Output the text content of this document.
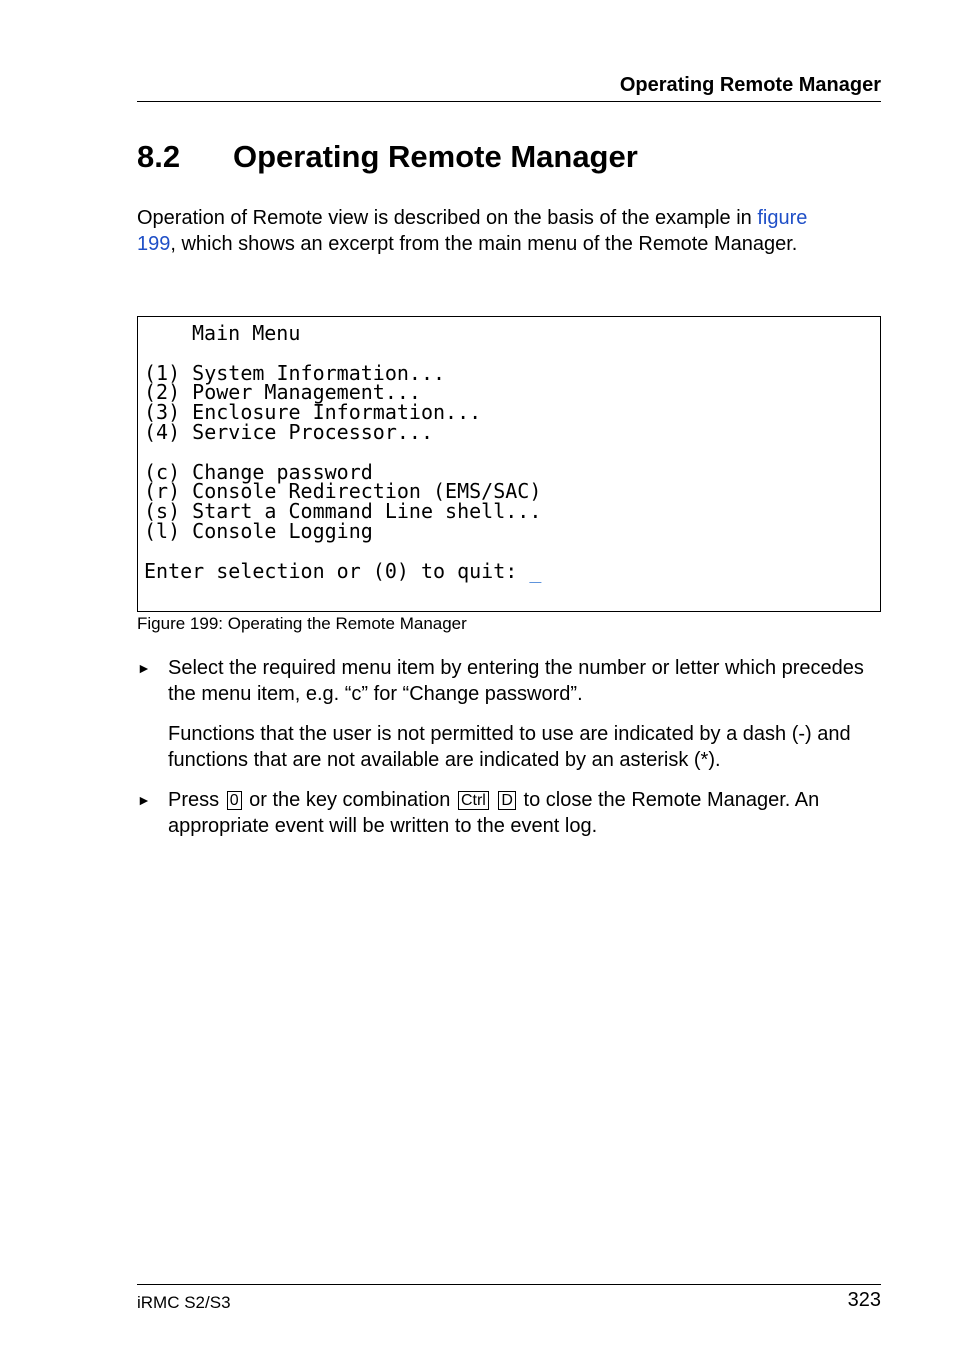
Operating Remote Manager
8.2 Operating Remote Manager

Operation of Remote view is described on the basis of the example in figure 199, which shows an excerpt from the main menu of the Remote Manager.

Main Menu
(1) System Information...
(2) Power Management...
(3) Enclosure Information...
(4) Service Processor...
(c) Change password
(r) Console Redirection (EMS/SAC)
(s) Start a Command Line shell...
(l) Console Logging
Enter selection or (0) to quit: _
Figure 199: Operating the Remote Manager
► Select the required menu item by entering the number or letter which precedes the menu item, e.g. “c” for “Change password”.
Functions that the user is not permitted to use are indicated by a dash (-) and functions that are not available are indicated by an asterisk (*).
► Press 0 or the key combination Ctrl D to close the Remote Manager. An appropriate event will be written to the event log.
iRMC S2/S3	323
